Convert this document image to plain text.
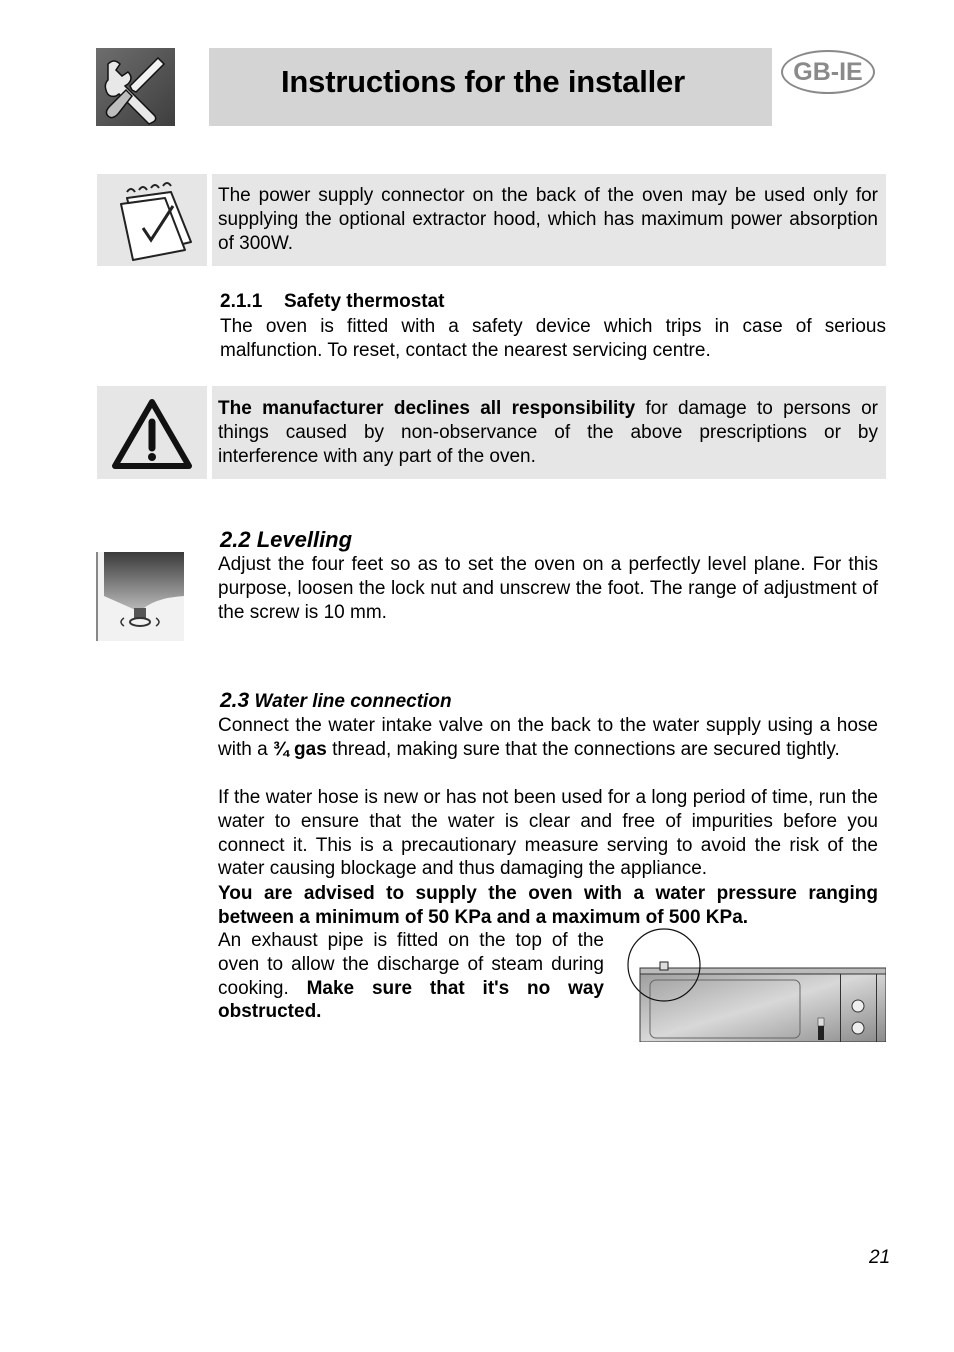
Instructions for the installer	GB-IE
The power supply connector on the back of the oven may be used only for supplying the optional extractor hood, which has maximum power absorption of 300W.
2.1.1 Safety thermostat
The oven is fitted with a safety device which trips in case of serious malfunction. To reset, contact the nearest servicing centre.
The manufacturer declines all responsibility for damage to persons or things caused by non-observance of the above prescriptions or by interference with any part of the oven.
2.2 Levelling
Adjust the four feet so as to set the oven on a perfectly level plane. For this purpose, loosen the lock nut and unscrew the foot. The range of adjustment of the screw is 10 mm.
2.3 Water line connection
Connect the water intake valve on the back to the water supply using a hose with a ¾ gas thread, making sure that the connections are secured tightly.
If the water hose is new or has not been used for a long period of time, run the water to ensure that the water is clear and free of impurities before you connect it. This is a precautionary measure serving to avoid the risk of the water causing blockage and thus damaging the appliance.
You are advised to supply the oven with a water pressure ranging between a minimum of 50 KPa and a maximum of 500 KPa.
An exhaust pipe is fitted on the top of the oven to allow the discharge of steam during cooking. Make sure that it's no way obstructed.
21
